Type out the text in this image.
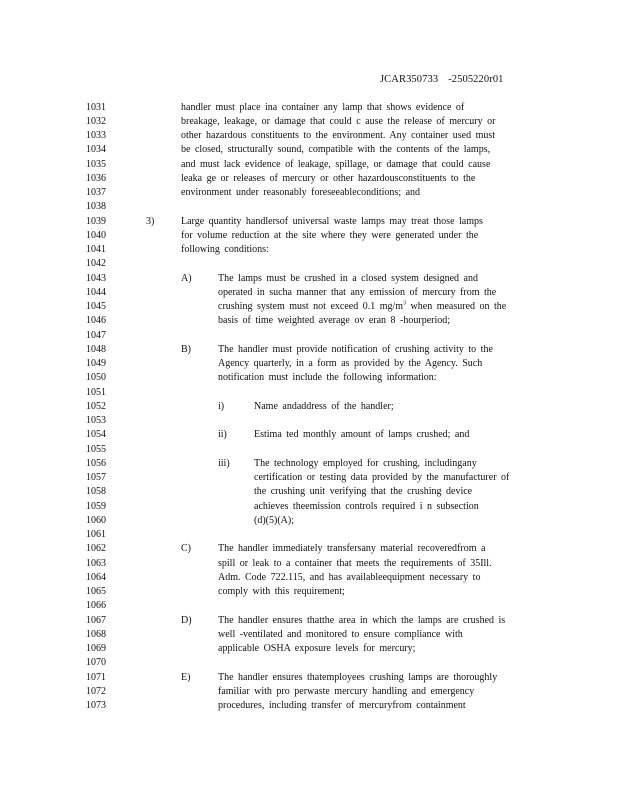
JCAR350733 -2505220r01
1031	handler must place ina container any lamp that shows evidence of
1032	breakage, leakage, or damage that could c ause the release of mercury or
1033	other hazardous constituents to the environment. Any container used must
1034	be closed, structurally sound, compatible with the contents of the lamps,
1035	and must lack evidence of leakage, spillage, or damage that could cause
1036	leaka ge or releases of mercury or other hazardousconstituents to the
1037	environment under reasonably foreseeableconditions; and
1038
1039	3)	Large quantity handlersof universal waste lamps may treat those lamps
1040	for volume reduction at the site where they were generated under the
1041	following conditions:
1042
1043	A)	The lamps must be crushed in a closed system designed and
1044	operated in sucha manner that any emission of mercury from the
1045	crushing system must not exceed 0.1 $mg/m^3$ when measured on the
1046	basis of time weighted average ov eran 8 -hourperiod;
1047
1048	B)	The handler must provide notification of crushing activity to the
1049	Agency quarterly, in a form as provided by the Agency. Such
1050	notification must include the following information:
1051
1052	i)	Name andaddress of the handler;
1053
1054	ii)	Estima ted monthly amount of lamps crushed; and
1055
1056	iii) The technology employed for crushing, includingany
1057	certification or testing data provided by the manufacturer of
1058	the crushing unit verifying that the crushing device
1059	achieves theemission controls required i n subsection
1060	(d)(5)(A);
1061
1062	C)	The handler immediately transfersany material recoveredfrom a
1063	spill or leak to a container that meets the requirements of 35Ill.
1064	Adm. Code 722.115, and has availableequipment necessary to
1065	comply with this requirement;
1066
1067	D)	The handler ensures thatthe area in which the lamps are crushed is
1068	well -ventilated and monitored to ensure compliance with
1069	applicable OSHA exposure levels for mercury;
1070
1071	E)	The handler ensures thatemployees crushing lamps are thoroughly
1072	familiar with pro perwaste mercury handling and emergency
1073	procedures, including transfer of mercuryfrom containment
